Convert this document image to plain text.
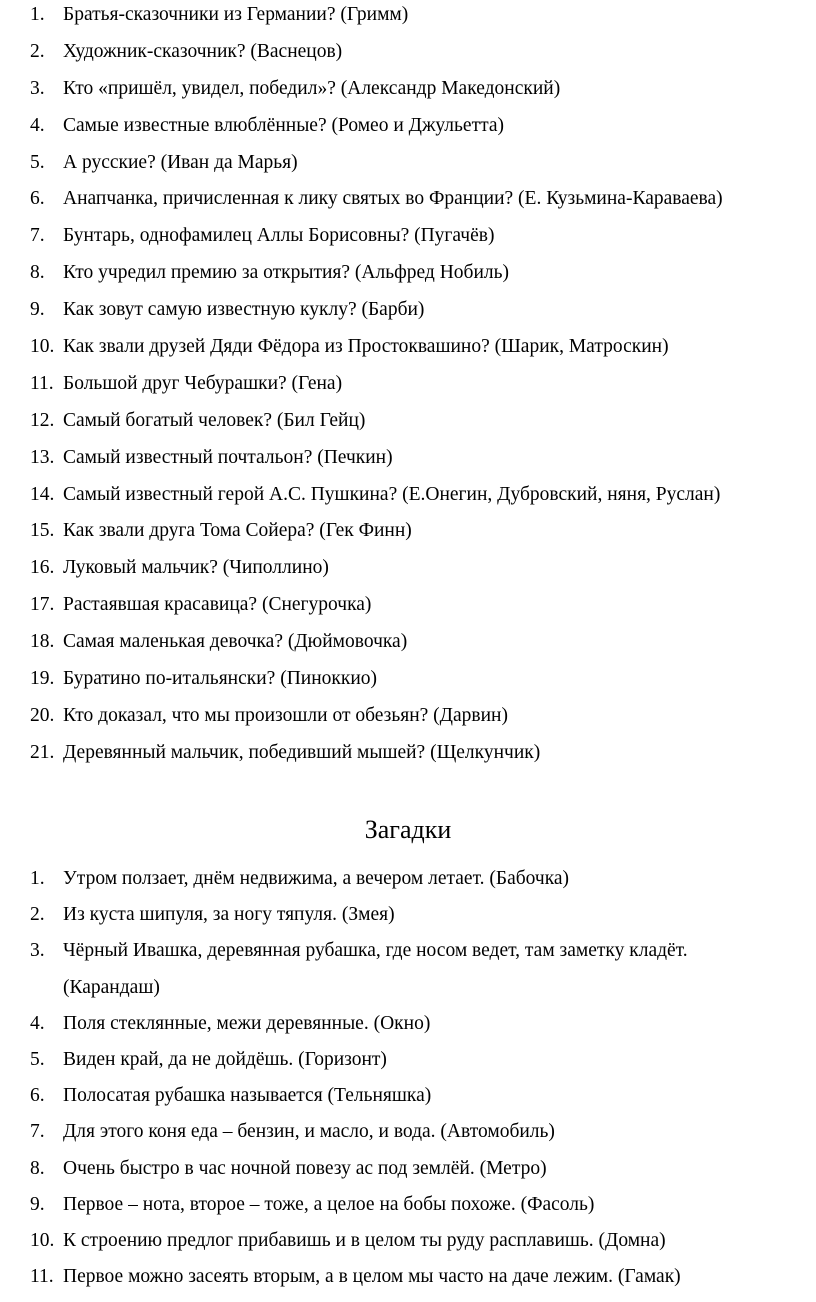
1. Братья-сказочники из Германии? (Гримм)
2. Художник-сказочник? (Васнецов)
3. Кто «пришёл, увидел, победил»? (Александр Македонский)
4. Самые известные влюблённые? (Ромео и Джульетта)
5. А русские? (Иван да Марья)
6. Анапчанка, причисленная к лику святых во Франции? (Е. Кузьмина-Караваева)
7. Бунтарь, однофамилец Аллы Борисовны? (Пугачёв)
8. Кто учредил премию за открытия? (Альфред Нобиль)
9. Как зовут самую известную куклу? (Барби)
10. Как звали друзей Дяди Фёдора из Простоквашино? (Шарик, Матроскин)
11. Большой друг Чебурашки? (Гена)
12. Самый богатый человек? (Бил Гейц)
13. Самый известный почтальон? (Печкин)
14. Самый известный герой А.С. Пушкина? (Е.Онегин, Дубровский, няня, Руслан)
15. Как звали друга Тома Сойера? (Гек Финн)
16. Луковый мальчик? (Чиполлино)
17. Растаявшая красавица? (Снегурочка)
18. Самая маленькая девочка? (Дюймовочка)
19. Буратино по-итальянски? (Пиноккио)
20. Кто доказал, что мы произошли от обезьян? (Дарвин)
21. Деревянный мальчик, победивший мышей? (Щелкунчик)
Загадки
1. Утром ползает, днём недвижима, а вечером летает. (Бабочка)
2. Из куста шипуля, за ногу тяпуля. (Змея)
3. Чёрный Ивашка, деревянная рубашка, где носом ведет, там заметку кладёт.
(Карандаш)
4. Поля стеклянные, межи деревянные. (Окно)
5. Виден край, да не дойдёшь. (Горизонт)
6. Полосатая рубашка называется (Тельняшка)
7. Для этого коня еда – бензин, и масло, и вода. (Автомобиль)
8. Очень быстро в час ночной повезу ас под землёй. (Метро)
9. Первое – нота, второе – тоже, а целое на бобы похоже. (Фасоль)
10. К строению предлог прибавишь и в целом ты руду расплавишь. (Домна)
11. Первое можно засеять вторым, а в целом мы часто на даче лежим. (Гамак)
